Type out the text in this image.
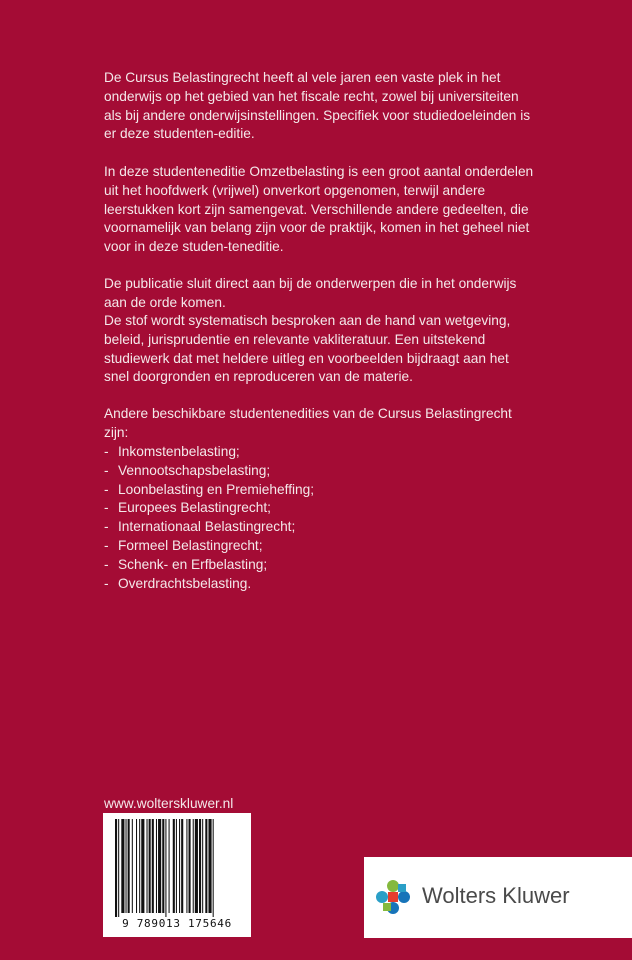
De Cursus Belastingrecht heeft al vele jaren een vaste plek in het onderwijs op het gebied van het fiscale recht, zowel bij universiteiten als bij andere onderwijsinstellingen. Specifiek voor studiedoeleinden is er deze studenten-editie.

In deze studenteneditie Omzetbelasting is een groot aantal onderdelen uit het hoofdwerk (vrijwel) onverkort opgenomen, terwijl andere leerstukken kort zijn samengevat. Verschillende andere gedeelten, die voornamelijk van belang zijn voor de praktijk, komen in het geheel niet voor in deze studen-teneditie.

De publicatie sluit direct aan bij de onderwerpen die in het onderwijs aan de orde komen.

De stof wordt systematisch besproken aan de hand van wetgeving, beleid, jurisprudentie en relevante vakliteratuur. Een uitstekend studiewerk dat met heldere uitleg en voorbeelden bijdraagt aan het snel doorgronden en reproduceren van de materie.

Andere beschikbare studentenedities van de Cursus Belastingrecht zijn:

- Inkomstenbelasting;
- Vennootschapsbelasting;
- Loonbelasting en Premieheffing;
- Europees Belastingrecht;
- Internationaal Belastingrecht;
- Formeel Belastingrecht;
- Schenk- en Erfbelasting;
- Overdrachtsbelasting.
www.wolterskluwer.nl
9 789013 175646
Wolters Kluwer
